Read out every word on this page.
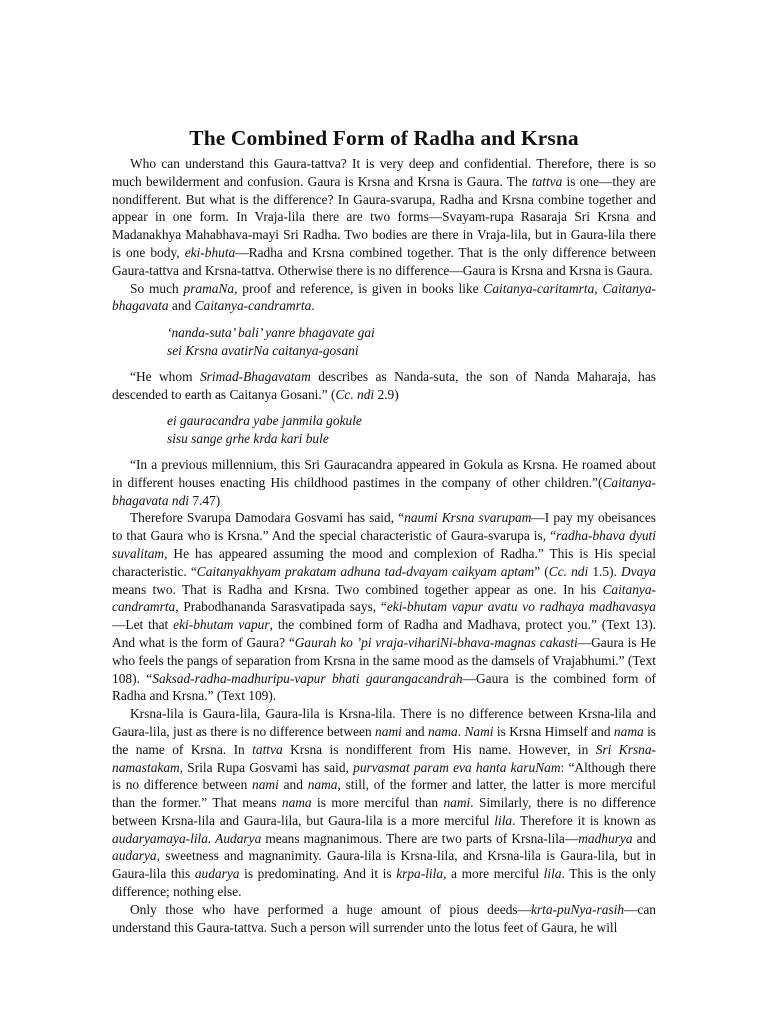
The Combined Form of Radha and Krsna

Who can understand this Gaura-tattva? It is very deep and confidential. Therefore, there is so much bewilderment and confusion. Gaura is Krsna and Krsna is Gaura. The tattva is one—they are nondifferent. But what is the difference? In Gaura-svarupa, Radha and Krsna combine together and appear in one form. In Vraja-lila there are two forms—Svayam-rupa Rasaraja Sri Krsna and Madanakhya Mahabhava-mayi Sri Radha. Two bodies are there in Vraja-lila, but in Gaura-lila there is one body, eki-bhuta—Radha and Krsna combined together. That is the only difference between Gaura-tattva and Krsna-tattva. Otherwise there is no difference—Gaura is Krsna and Krsna is Gaura.

So much pramaNa, proof and reference, is given in books like Caitanya-caritamrta, Caitanya-bhagavata and Caitanya-candramrta.

‘nanda-suta’ bali’ yanre bhagavate gai
sei Krsna avatirNa caitanya-gosani

“He whom Srimad-Bhagavatam describes as Nanda-suta, the son of Nanda Maharaja, has descended to earth as Caitanya Gosani.” (Cc. ndi 2.9)

ei gauracandra yabe janmila gokule
sisu sange grhe krda kari bule

“In a previous millennium, this Sri Gauracandra appeared in Gokula as Krsna. He roamed about in different houses enacting His childhood pastimes in the company of other children.”(Caitanya-bhagavata ndi 7.47)

Therefore Svarupa Damodara Gosvami has said, “naumi Krsna svarupam—I pay my obeisances to that Gaura who is Krsna.” And the special characteristic of Gaura-svarupa is, “radha-bhava dyuti suvalitam, He has appeared assuming the mood and complexion of Radha.” This is His special characteristic. “Caitanyakhyam prakatam adhuna tad-dvayam caikyam aptam” (Cc. ndi 1.5). Dvaya means two. That is Radha and Krsna. Two combined together appear as one. In his Caitanya-candramrta, Prabodhananda Sarasvatipada says, “eki-bhutam vapur avatu vo radhaya madhavasya—Let that eki-bhutam vapur, the combined form of Radha and Madhava, protect you.” (Text 13). And what is the form of Gaura? “Gaurah ko ’pi vraja-vihariNi-bhava-magnas cakasti—Gaura is He who feels the pangs of separation from Krsna in the same mood as the damsels of Vrajabhumi.” (Text 108). “Saksad-radha-madhuripu-vapur bhati gaurangacandrah—Gaura is the combined form of Radha and Krsna.” (Text 109).

Krsna-lila is Gaura-lila, Gaura-lila is Krsna-lila. There is no difference between Krsna-lila and Gaura-lila, just as there is no difference between nami and nama. Nami is Krsna Himself and nama is the name of Krsna. In tattva Krsna is nondifferent from His name. However, in Sri Krsna-namastakam, Srila Rupa Gosvami has said, purvasmat param eva hanta karuNam: “Although there is no difference between nami and nama, still, of the former and latter, the latter is more merciful than the former.” That means nama is more merciful than nami. Similarly, there is no difference between Krsna-lila and Gaura-lila, but Gaura-lila is a more merciful lila. Therefore it is known as audaryamaya-lila. Audarya means magnanimous. There are two parts of Krsna-lila—madhurya and audarya, sweetness and magnanimity. Gaura-lila is Krsna-lila, and Krsna-lila is Gaura-lila, but in Gaura-lila this audarya is predominating. And it is krpa-lila, a more merciful lila. This is the only difference; nothing else.

Only those who have performed a huge amount of pious deeds—krta-puNya-rasih—can understand this Gaura-tattva. Such a person will surrender unto the lotus feet of Gaura, he will
